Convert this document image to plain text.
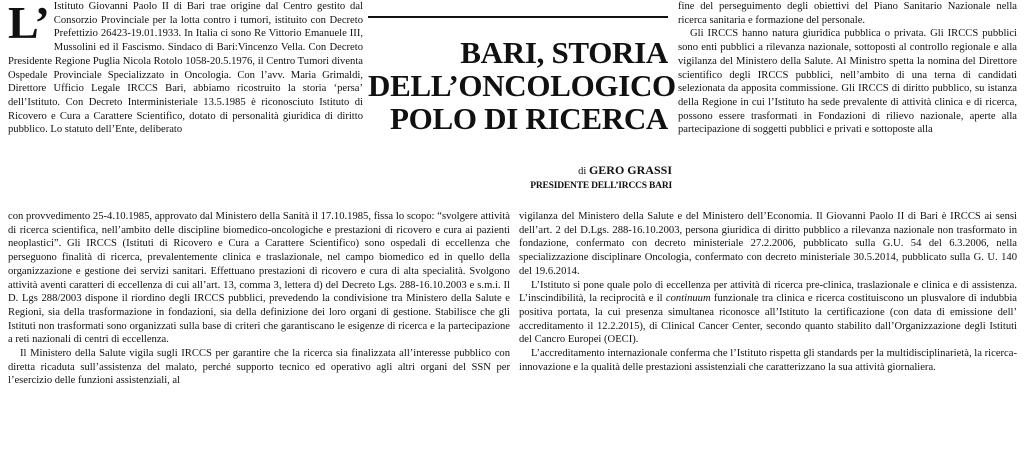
L’ Istituto Giovanni Paolo II di Bari trae origine dal Centro gestito dal Consorzio Provinciale per la lotta contro i tumori, istituito con Decreto Prefettizio 26423-19.01.1933. In Italia ci sono Re Vittorio Emanuele III, Mussolini ed il Fascismo. Sindaco di Bari:Vincenzo Vella. Con Decreto Presidente Regione Puglia Nicola Rotolo 1058-20.5.1976, il Centro Tumori diventa Ospedale Provinciale Specializzato in Oncologia. Con l’avv. Maria Grimaldi, Direttore Ufficio Legale IRCCS Bari, abbiamo ricostruito la storia ‘persa’ dell’Istituto. Con Decreto Interministeriale 13.5.1985 è riconosciuto Istituto di Ricovero e Cura a Carattere Scientifico, dotato di personalità giuridica di diritto pubblico. Lo statuto dell’Ente, deliberato

BARI, STORIA
DELL’ONCOLOGICO
POLO DI RICERCA
di GERO GRASSI
PRESIDENTE DELL’IRCCS BARI

fine del perseguimento degli obiettivi del Piano Sanitario Nazionale nella ricerca sanitaria e formazione del personale.

Gli IRCCS hanno natura giuridica pubblica o privata. Gli IRCCS pubblici sono enti pubblici a rilevanza nazionale, sottoposti al controllo regionale e alla vigilanza del Ministero della Salute. Al Ministro spetta la nomina del Direttore scientifico degli IRCCS pubblici, nell’ambito di una terna di candidati selezionata da apposita commissione. Gli IRCCS di diritto pubblico, su istanza della Regione in cui l’Istituto ha sede prevalente di attività clinica e di ricerca, possono essere trasformati in Fondazioni di rilievo nazionale, aperte alla partecipazione di soggetti pubblici e privati e sottoposte alla

con provvedimento 25-4.10.1985, approvato dal Ministero della Sanità il 17.10.1985, fissa lo scopo: “svolgere attività di ricerca scientifica, nell’ambito delle discipline biomedico-oncologiche e prestazioni di ricovero e cura ai pazienti neoplastici”. Gli IRCCS (Istituti di Ricovero e Cura a Carattere Scientifico) sono ospedali di eccellenza che perseguono finalità di ricerca, prevalentemente clinica e traslazionale, nel campo biomedico ed in quello della organizzazione e gestione dei servizi sanitari. Effettuano prestazioni di ricovero e cura di alta specialità. Svolgono attività aventi caratteri di eccellenza di cui all’art. 13, comma 3, lettera d) del Decreto Lgs. 288-16.10.2003 e s.m.i. Il D. Lgs 288/2003 dispone il riordino degli IRCCS pubblici, prevedendo la condivisione tra Ministero della Salute e Regioni, sia della trasformazione in fondazioni, sia della definizione dei loro organi di gestione. Stabilisce che gli Istituti non trasformati sono organizzati sulla base di criteri che garantiscano le esigenze di ricerca e la partecipazione a reti nazionali di centri di eccellenza.

Il Ministero della Salute vigila sugli IRCCS per garantire che la ricerca sia finalizzata all’interesse pubblico con diretta ricaduta sull’assistenza del malato, perché supporto tecnico ed operativo agli altri organi del SSN per l’esercizio delle funzioni assistenziali, al

vigilanza del Ministero della Salute e del Ministero dell’Economia. Il Giovanni Paolo II di Bari è IRCCS ai sensi dell’art. 2 del D.Lgs. 288-16.10.2003, persona giuridica di diritto pubblico a rilevanza nazionale non trasformato in fondazione, confermato con decreto ministeriale 27.2.2006, pubblicato sulla G.U. 54 del 6.3.2006, nella specializzazione disciplinare Oncologia, confermato con decreto ministeriale 30.5.2014, pubblicato sulla G. U. 140 del 19.6.2014.

L’Istituto si pone quale polo di eccellenza per attività di ricerca pre-clinica, traslazionale e clinica e di assistenza. L’inscindibilità, la reciprocità e il continuum funzionale tra clinica e ricerca costituiscono un plusvalore di indubbia positiva portata, la cui presenza simultanea riconosce all’Istituto la certificazione (con data di emissione dell’ accreditamento il 12.2.2015), di Clinical Cancer Center, secondo quanto stabilito dall’Organizzazione degli Istituti del Cancro Europei (OECI).

L’accreditamento internazionale conferma che l’Istituto rispetta gli standards per la multidisciplinarietà, la ricerca-innovazione e la qualità delle prestazioni assistenziali che caratterizzano la sua attività giornaliera.
